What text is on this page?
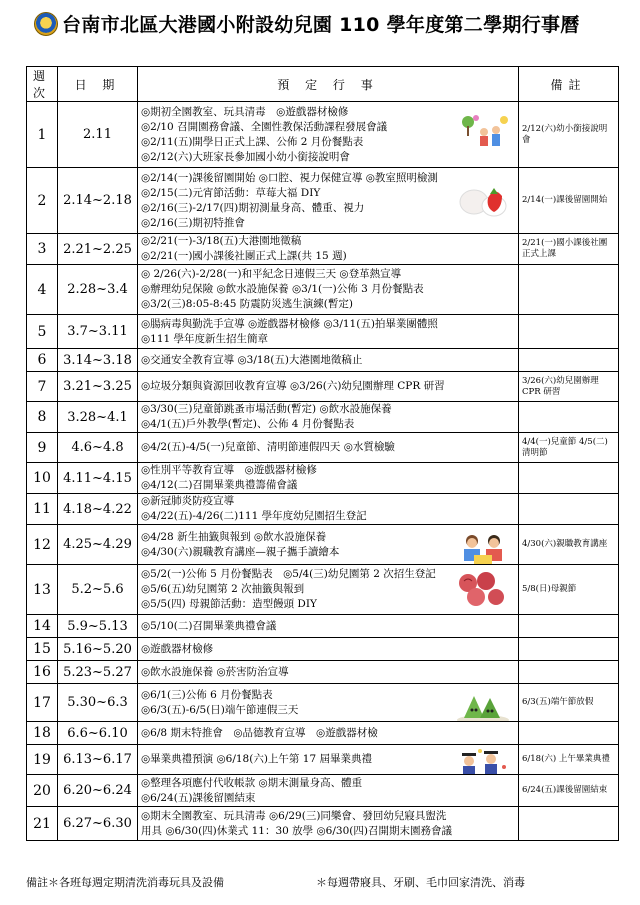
台南市北區大港國小附設幼兒園 110 學年度第二學期行事曆
週次	日 期	預 定 行 事	備註
1	2.11	◎期初全園教室、玩具清毒　◎遊戲器材檢修
◎2/10 召開園務會議、全園性教保活動課程發展會議
◎2/11(五)開學日正式上課、公佈 2 月份餐點表
◎2/12(六)大班家長參加國小幼小銜接說明會	2/12(六)幼小銜接說明會
2	2.14~2.18	◎2/14(一)課後留園開始 ◎口腔、視力保健宣導 ◎教室照明檢測
◎2/15(二)元宵節活動：草莓大福 DIY
◎2/16(三)-2/17(四)期初測量身高、體重、視力
◎2/16(三)期初特推會	2/14(一)課後留園開始
3	2.21~2.25	◎2/21(一)-3/18(五)大港園地徵稿
◎2/21(一)國小課後社團正式上課(共 15 週)	2/21(一)國小課後社團正式上課
4	2.28~3.4	◎ 2/26(六)-2/28(一)和平紀念日連假三天 ◎登革熱宣導
◎辦理幼兒保險 ◎飲水設施保養 ◎3/1(一)公佈 3 月份餐點表
◎3/2(三)8:05-8:45 防震防災逃生演練(暫定)	

5	3.7~3.11	◎腸病毒與勤洗手宣導 ◎遊戲器材檢修 ◎3/11(五)拍畢業團體照
◎111 學年度新生招生簡章	

6	3.14~3.18	◎交通安全教育宣導 ◎3/18(五)大港園地徵稿止	

7	3.21~3.25	◎垃圾分類與資源回收教育宣導 ◎3/26(六)幼兒園辦理 CPR 研習	3/26(六)幼兒園辦理 CPR 研習
8	3.28~4.1	◎3/30(三)兒童節跳蚤市場活動(暫定) ◎飲水設施保養
◎4/1(五)戶外教學(暫定)、公佈 4 月份餐點表	

9	4.6~4.8	◎4/2(五)-4/5(一)兒童節、清明節連假四天 ◎水質檢驗	4/4(一)兒童節 4/5(二)清明節
10	4.11~4.15	◎性別平等教育宣導　◎遊戲器材檢修
◎4/12(二)召開畢業典禮籌備會議	

11	4.18~4.22	◎新冠肺炎防疫宣導
◎4/22(五)-4/26(二)111 學年度幼兒園招生登記	

12	4.25~4.29	◎4/28 新生抽籤與報到 ◎飲水設施保養
◎4/30(六)親職教育講座—親子攜手讀繪本	4/30(六)親職教育講座
13	5.2~5.6	◎5/2(一)公佈 5 月份餐點表　◎5/4(三)幼兒園第 2 次招生登記
◎5/6(五)幼兒園第 2 次抽籤與報到
◎5/5(四) 母親節活動：造型饅頭 DIY	5/8(日)母親節
14	5.9~5.13	◎5/10(二)召開畢業典禮會議	

15	5.16~5.20	◎遊戲器材檢修	

16	5.23~5.27	◎飲水設施保養 ◎菸害防治宣導	

17	5.30~6.3	◎6/1(三)公佈 6 月份餐點表
◎6/3(五)-6/5(日)端午節連假三天	6/3(五)端午節放假
18	6.6~6.10	◎6/8 期末特推會　◎品德教育宣導　◎遊戲器材檢	

19	6.13~6.17	◎畢業典禮預演 ◎6/18(六)上午第 17 屆畢業典禮	6/18(六) 上午畢業典禮
20	6.20~6.24	◎整理各項應付代收帳款 ◎期末測量身高、體重
◎6/24(五)課後留園結束	6/24(五)課後留園結束
21	6.27~6.30	◎期末全園教室、玩具清毒 ◎6/29(三)同樂會、發回幼兒寢具盥洗
用具 ◎6/30(四)休業式 11：30 放學 ◎6/30(四)召開期末園務會議	

備註＊各班每週定期清洗消毒玩具及設備	＊每週帶寢具、牙刷、毛巾回家清洗、消毒
